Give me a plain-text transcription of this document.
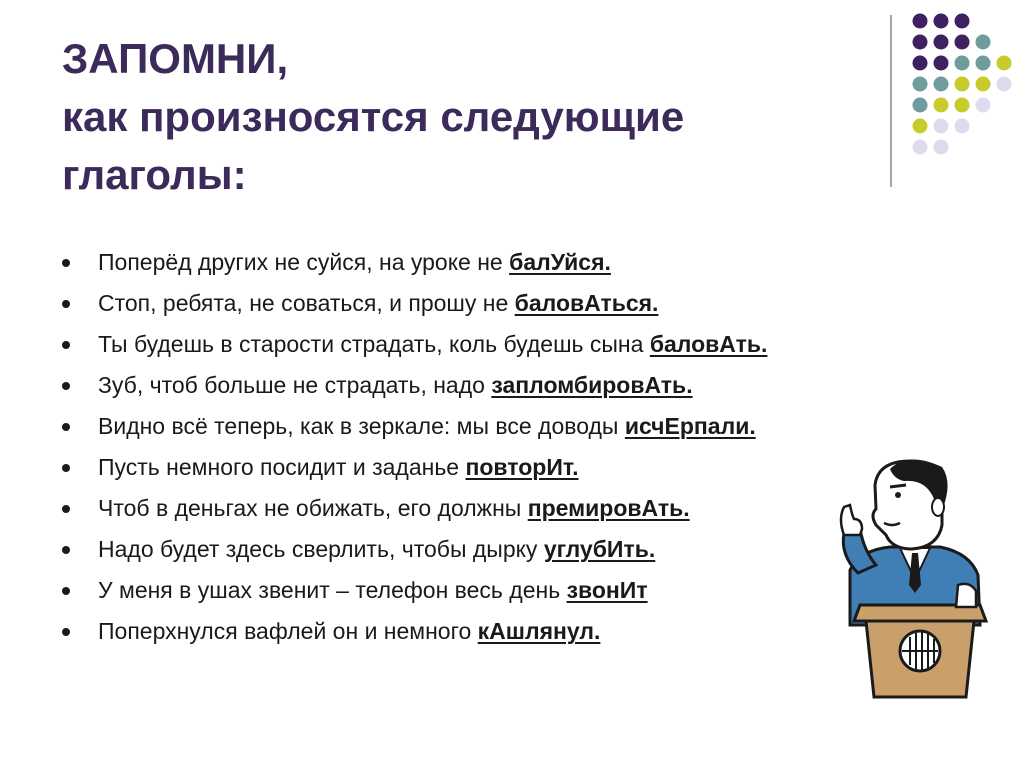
ЗАПОМНИ,
как произносятся следующие
глаголы:
Поперёд других не суйся, на уроке не балУйся.
Стоп, ребята, не соваться, и прошу не баловАться.
Ты будешь в старости страдать, коль будешь сына баловАть.
Зуб, чтоб больше не страдать, надо запломбировАть.
Видно всё теперь, как в зеркале: мы все доводы исчЕрпали.
Пусть немного посидит и заданье повторИт.
Чтоб в деньгах не обижать, его должны премировАть.
Надо будет здесь сверлить, чтобы дырку углубИть.
У меня в ушах звенит – телефон весь день звонИт
Поперхнулся вафлей он и немного кАшлянул.
